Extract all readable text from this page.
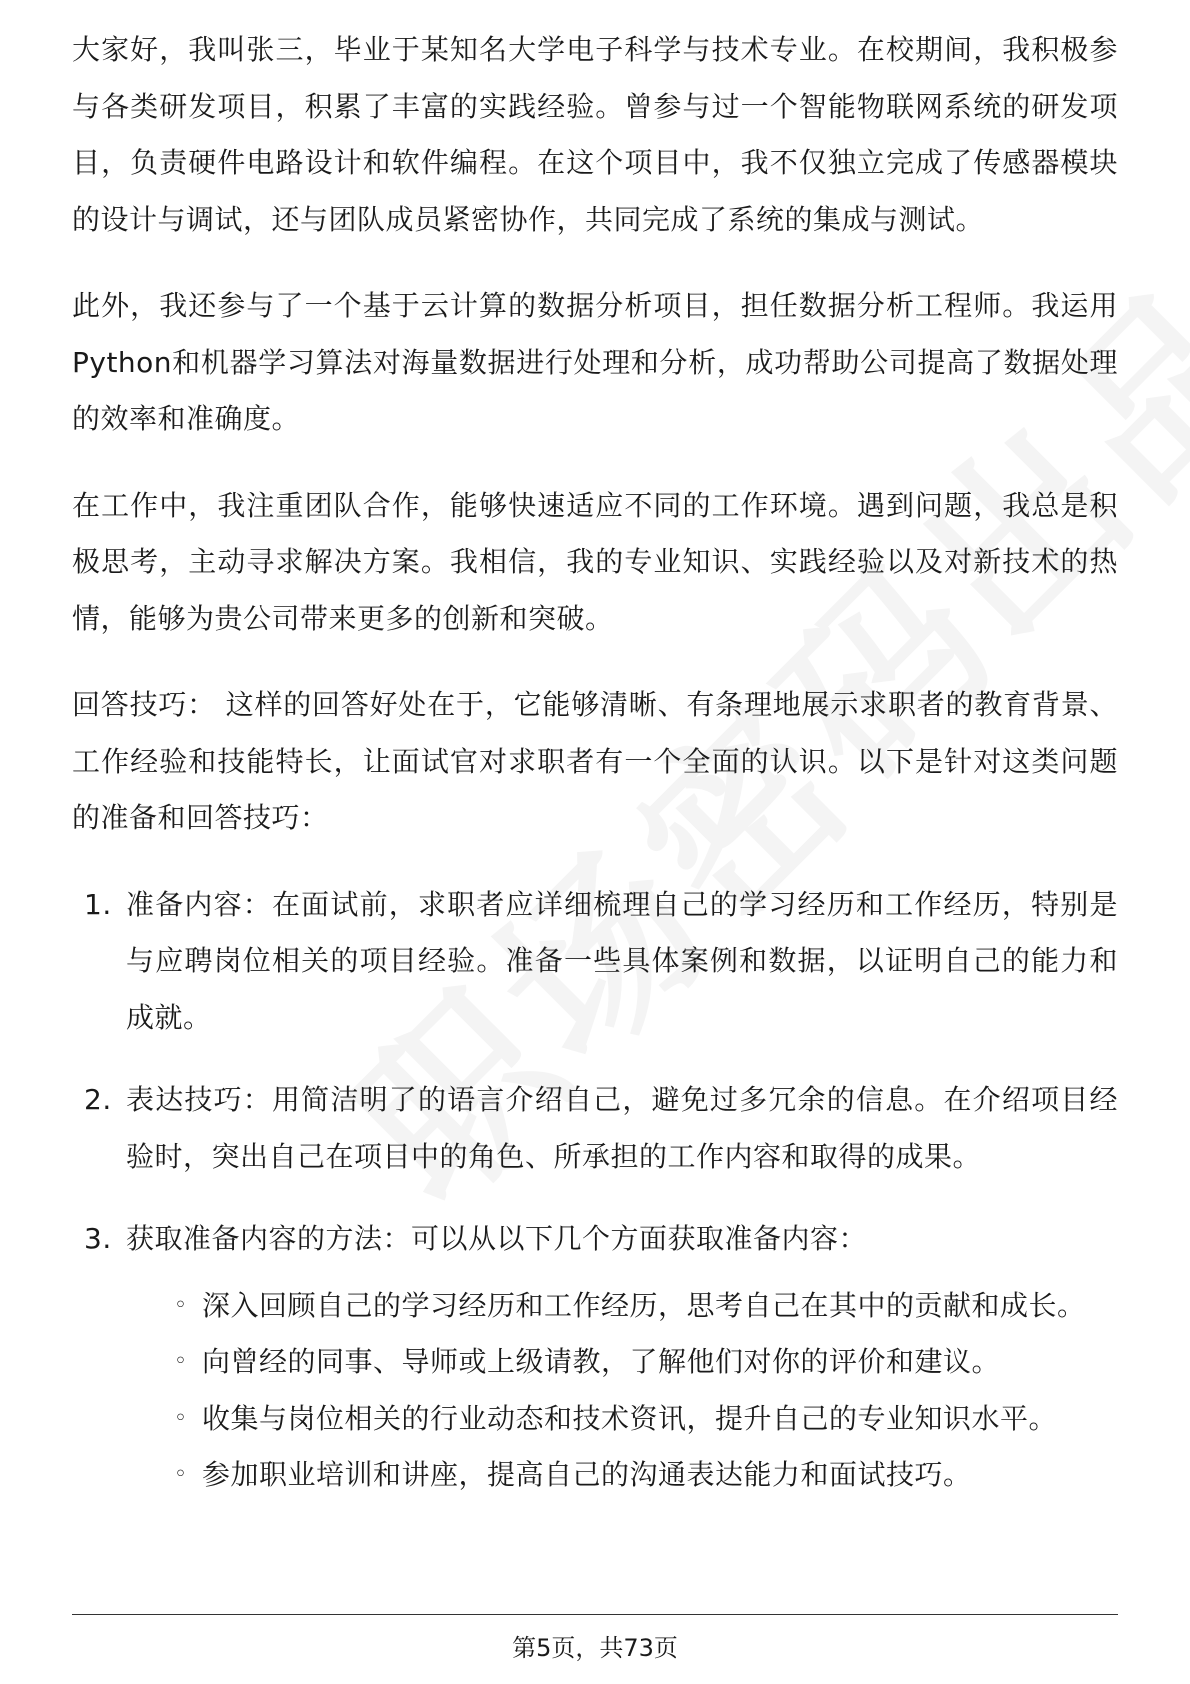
大家好，我叫张三，毕业于某知名大学电子科学与技术专业。在校期间，我积极参与各类研发项目，积累了丰富的实践经验。曾参与过一个智能物联网系统的研发项目，负责硬件电路设计和软件编程。在这个项目中，我不仅独立完成了传感器模块的设计与调试，还与团队成员紧密协作，共同完成了系统的集成与测试。

此外，我还参与了一个基于云计算的数据分析项目，担任数据分析工程师。我运用Python和机器学习算法对海量数据进行处理和分析，成功帮助公司提高了数据处理的效率和准确度。

在工作中，我注重团队合作，能够快速适应不同的工作环境。遇到问题，我总是积极思考，主动寻求解决方案。我相信，我的专业知识、实践经验以及对新技术的热情，能够为贵公司带来更多的创新和突破。

回答技巧： 这样的回答好处在于，它能够清晰、有条理地展示求职者的教育背景、工作经验和技能特长，让面试官对求职者有一个全面的认识。以下是针对这类问题的准备和回答技巧：

1. 准备内容：在面试前，求职者应详细梳理自己的学习经历和工作经历，特别是与应聘岗位相关的项目经验。准备一些具体案例和数据，以证明自己的能力和成就。
2. 表达技巧：用简洁明了的语言介绍自己，避免过多冗余的信息。在介绍项目经验时，突出自己在项目中的角色、所承担的工作内容和取得的成果。
3. 获取准备内容的方法：可以从以下几个方面获取准备内容：
◦ 深入回顾自己的学习经历和工作经历，思考自己在其中的贡献和成长。
◦ 向曾经的同事、导师或上级请教，了解他们对你的评价和建议。
◦ 收集与岗位相关的行业动态和技术资讯，提升自己的专业知识水平。
◦ 参加职业培训和讲座，提高自己的沟通表达能力和面试技巧。
第5页，共73页
